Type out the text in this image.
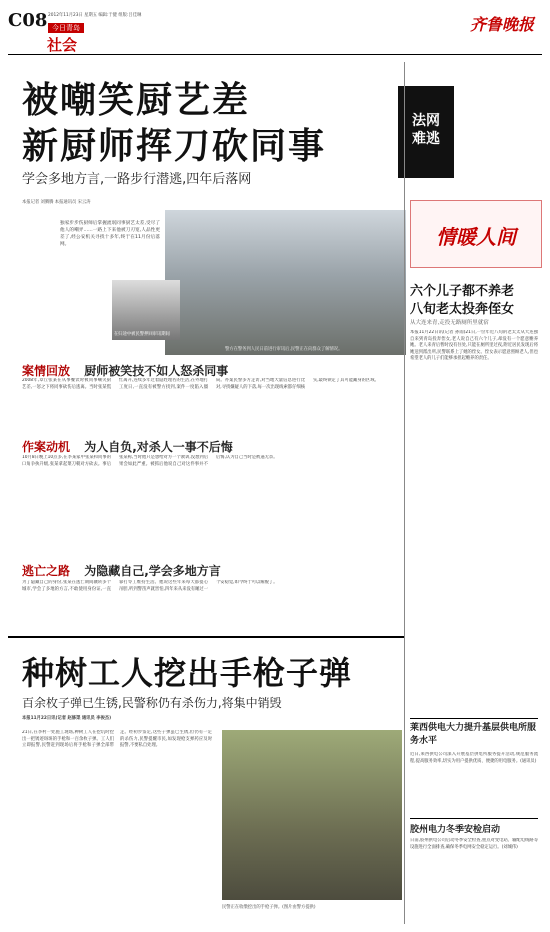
C08 2012年11月23日 星期五 编辑:于健 组版:吕佳琳
今日青岛
社会
齐鲁晚报
被嘲笑厨艺差
新厨师挥刀砍同事
学会多地方言,一路步行潜逃,四年后落网
法网难逃
本报记者 刘腾腾 本报通讯员 宋云涛
独家步步伤厨师后掌握流氓同事厨艺太差,受尽了他人的嘲弄……一路上下来他被刀刃宽,人品性更差了,经公安机关寻找十多年,终于在11月份后落网。
警方在警务到人民日前进行审讯后,民警正在向群众了解情况。
在归途中被民警押回审讯期间
案情回放 厨师被笑技不如人怒杀同事
2008年,章丘张某在从事餐饮时被同事嘲笑厨艺差,一怒之下将同事砍伤后逃离。当时张某慌忙离开,连续多年过着隐姓埋名的生活,在外地打工度日,一直没有被警方找到,案件一度陷入僵局。办案民警多方走访,对当地大量信息进行比对,寻找嫌疑人的下落,每一次出现线索都仔细核实,最终锁定了其可能藏身的区域。
作案动机 为人自负,对杀人一事不后悔
10月8日晚上10点多,在李某家中张某和同事的口角争执升级,张某拿起菜刀朝对方砍去。事后张某称,当时他只是想给对方一个教训,没想到后果会如此严重。被抓后他说自己对这件事并不后悔,认为自己当时是被逼无奈。
逃亡之路 为隐藏自己,学会多地方言
为了隐藏自己的身份,张某在逃亡期间辗转多个城市,学会了多地的方言,不敢使用身份证,一直靠打零工维持生活。他说这些年来每天都提心吊胆,听到警笛声就害怕,四年来从来没有睡过一个安稳觉,如今终于可以解脱了。
种树工人挖出手枪子弹
百余枚子弹已生锈,民警称仍有杀伤力,将集中销毁
本报11月22日讯(记者 赵修渠 通讯员 李俊杰)
21日,在李村一处施工现场,种树工人在挖坑时挖出一把锈迹斑斑的手枪和一百余枚子弹。工人们立即报警,民警赶到现场后将手枪和子弹全部带走。经初步鉴定,这些子弹虽已生锈,但仍有一定的杀伤力,民警提醒市民,如发现枪支弹药应及时报警,不要私自处理。
民警正在收缴挖出的手枪子弹。(图片由警方提供)
情暖人间
六个儿子都不养老
八旬老太投奔侄女
从大连来青,走投无路厕所里就宿
本报11月22日讯(记者 孙雨)21日,一位年近八旬的老太太从大连独自来到青岛投奔侄女,老人说自己有六个儿子,却没有一个愿意赡养她。老人来青后暂时没有住处,只能在厕所里过夜,附近居民发现后将她送到派出所,民警联系上了她的侄女。侄女表示愿意照顾老人,但也希望老人的儿子们能够承担起赡养的责任。
莱西供电大力提升基层供电所服务水平
近日,莱西供电公司深入开展基层供电所服务提升活动,规范服务流程,提高服务效率,切实为用户提供优质、便捷的用电服务。(通讯员)
胶州电力冬季安检启动
日前,胶州供电公司启动冬季安全检查,重点对变电站、输配电线路等设施进行全面排查,确保冬季电网安全稳定运行。(刘城伟)
